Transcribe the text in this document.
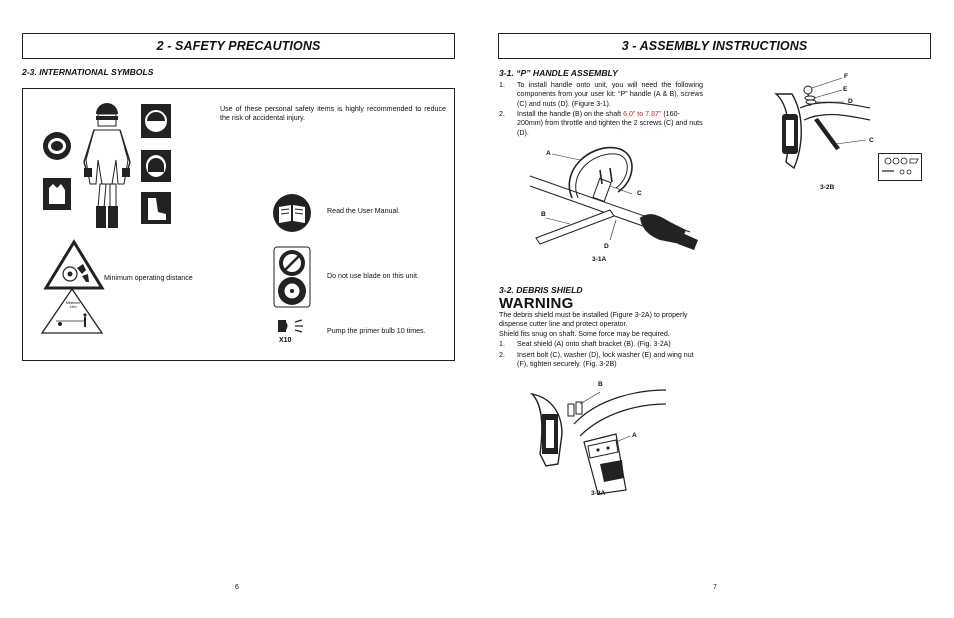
2 - SAFETY PRECAUTIONS
2-3. INTERNATIONAL SYMBOLS
Use of these personal safety items is highly recommended to reduce the risk of accidental injury.
Read the User Manual.
Do not use blade on this unit.
X10
Pump the primer bulb 10 times.
Minimum operating distance
Minimum 15m
6
3 - ASSEMBLY INSTRUCTIONS
3-1. “P” HANDLE ASSEMBLY
1. To install handle onto unit, you will need the following components from your user kit: “P” handle (A & B), screws (C) and nuts (D). (Figure 3-1).
2. Install the handle (B) on the shaft 6.0” to 7.87” (160-200mm) from throttle and tighten the 2 screws (C) and nuts (D).
A
C
B
D
3-1A
3-2. DEBRIS SHIELD
WARNING
The debris shield must be installed (Figure 3-2A) to properly dispense cutter line and protect operator.
Shield fits snug on shaft. Some force may be required.
1. Seat shield (A) onto shaft bracket (B). (Fig. 3-2A)
2. Insert bolt (C), washer (D), lock washer (E) and wing nut (F), tighten securely. (Fig. 3-2B)
B
A
3-2A
F
E
D
C
3-2B
7
